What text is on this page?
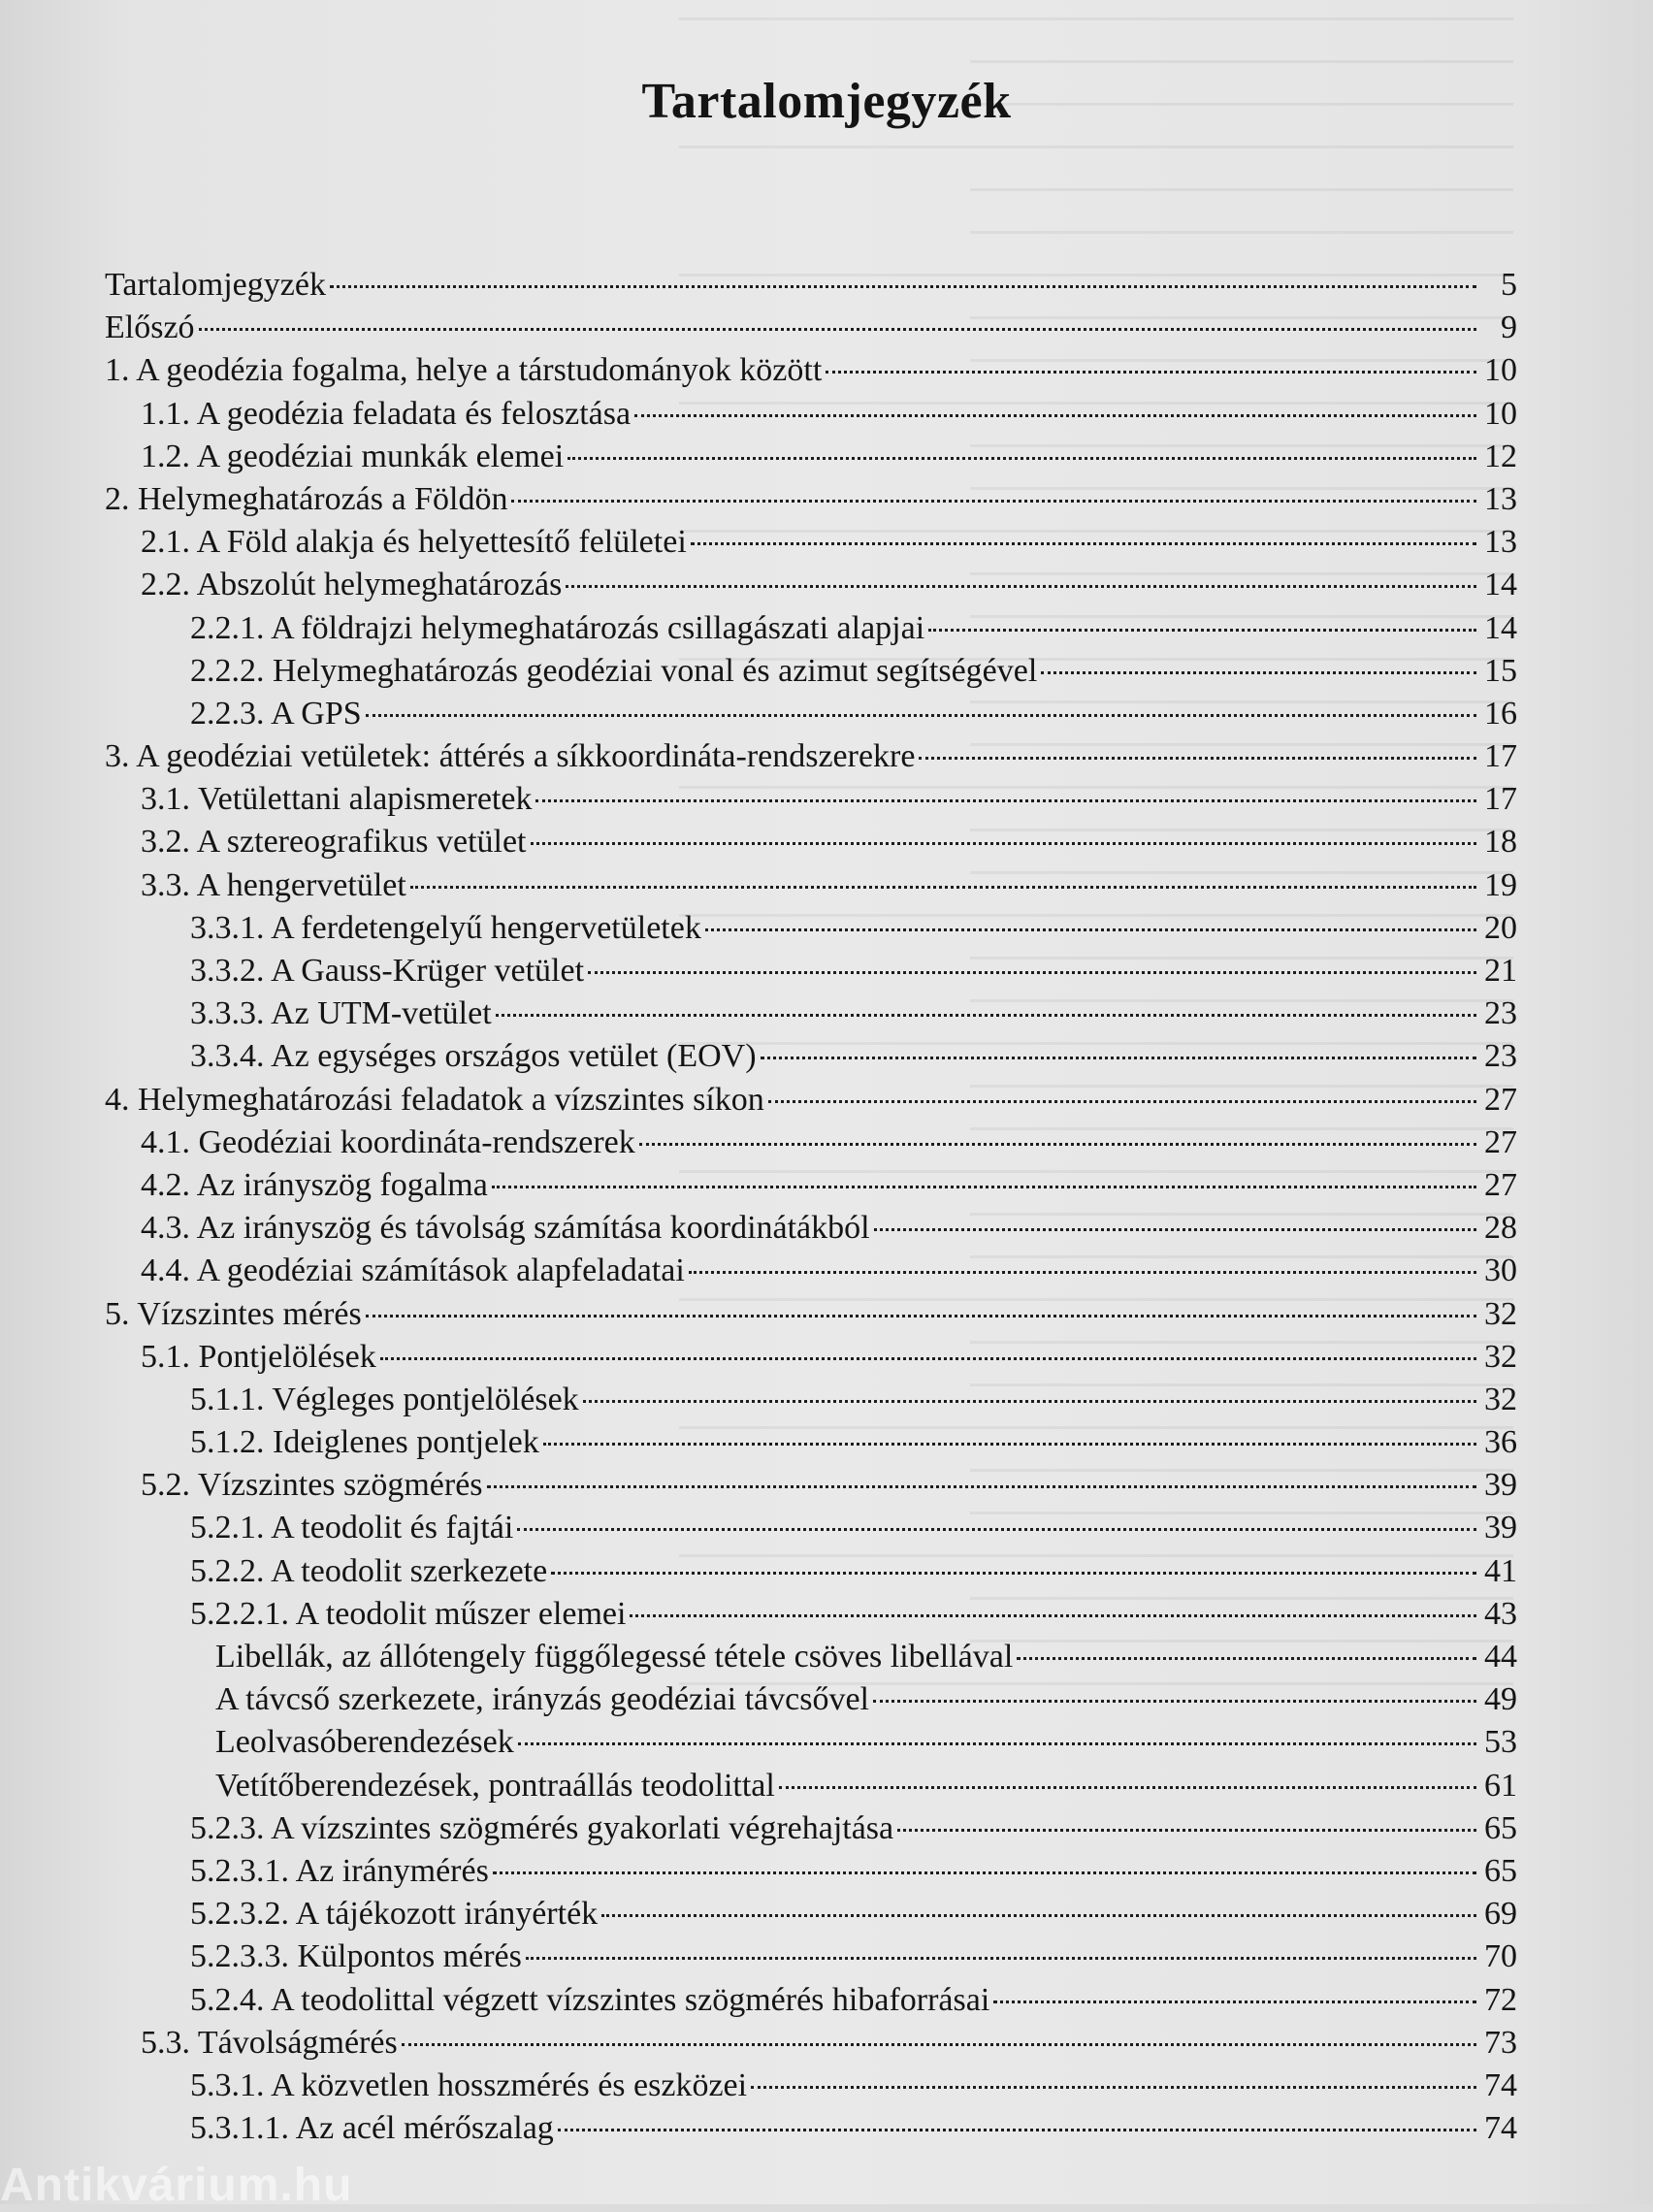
Tartalomjegyzék
Tartalomjegyzék	5
Előszó	9
1. A geodézia fogalma, helye a társtudományok között	10
1.1. A geodézia feladata és felosztása	10
1.2. A geodéziai munkák elemei	12
2. Helymeghatározás a Földön	13
2.1. A Föld alakja és helyettesítő felületei	13
2.2. Abszolút helymeghatározás	14
2.2.1. A földrajzi helymeghatározás csillagászati alapjai	14
2.2.2. Helymeghatározás geodéziai vonal és azimut segítségével	15
2.2.3. A GPS	16
3. A geodéziai vetületek: áttérés a síkkoordináta-rendszerekre	17
3.1. Vetülettani alapismeretek	17
3.2. A sztereografikus vetület	18
3.3. A hengervetület	19
3.3.1. A ferdetengelyű hengervetületek	20
3.3.2. A Gauss-Krüger vetület	21
3.3.3. Az UTM-vetület	23
3.3.4. Az egységes országos vetület (EOV)	23
4. Helymeghatározási feladatok a vízszintes síkon	27
4.1. Geodéziai koordináta-rendszerek	27
4.2. Az irányszög fogalma	27
4.3. Az irányszög és távolság számítása koordinátákból	28
4.4. A geodéziai számítások alapfeladatai	30
5. Vízszintes mérés	32
5.1. Pontjelölések	32
5.1.1. Végleges pontjelölések	32
5.1.2. Ideiglenes pontjelek	36
5.2. Vízszintes szögmérés	39
5.2.1. A teodolit és fajtái	39
5.2.2. A teodolit szerkezete	41
5.2.2.1. A teodolit műszer elemei	43
Libellák, az állótengely függőlegessé tétele csöves libellával	44
A távcső szerkezete, irányzás geodéziai távcsővel	49
Leolvasóberendezések	53
Vetítőberendezések, pontraállás teodolittal	61
5.2.3. A vízszintes szögmérés gyakorlati végrehajtása	65
5.2.3.1. Az iránymérés	65
5.2.3.2. A tájékozott irányérték	69
5.2.3.3. Külpontos mérés	70
5.2.4. A teodolittal végzett vízszintes szögmérés hibaforrásai	72
5.3. Távolságmérés	73
5.3.1. A közvetlen hosszmérés és eszközei	74
5.3.1.1. Az acél mérőszalag	74
Antikvárium.hu
